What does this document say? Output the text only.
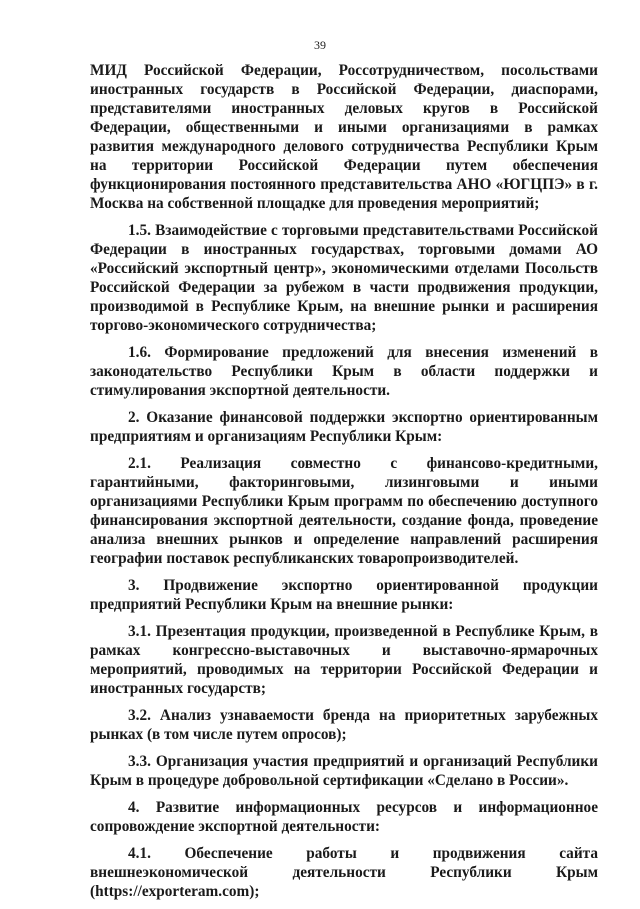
39

МИД Российской Федерации, Россотрудничеством, посольствами иностранных государств в Российской Федерации, диаспорами, представителями иностранных деловых кругов в Российской Федерации, общественными и иными организациями в рамках развития международного делового сотрудничества Республики Крым на территории Российской Федерации путем обеспечения функционирования постоянного представительства АНО «ЮГЦПЭ» в г. Москва на собственной площадке для проведения мероприятий;

1.5. Взаимодействие с торговыми представительствами Российской Федерации в иностранных государствах, торговыми домами АО «Российский экспортный центр», экономическими отделами Посольств Российской Федерации за рубежом в части продвижения продукции, производимой в Республике Крым, на внешние рынки и расширения торгово-экономического сотрудничества;

1.6. Формирование предложений для внесения изменений в законодательство Республики Крым в области поддержки и стимулирования экспортной деятельности.

2. Оказание финансовой поддержки экспортно ориентированным предприятиям и организациям Республики Крым:

2.1. Реализация совместно с финансово-кредитными, гарантийными, факторинговыми, лизинговыми и иными организациями Республики Крым программ по обеспечению доступного финансирования экспортной деятельности, создание фонда, проведение анализа внешних рынков и определение направлений расширения географии поставок республиканских товаропроизводителей.

3. Продвижение экспортно ориентированной продукции предприятий Республики Крым на внешние рынки:

3.1. Презентация продукции, произведенной в Республике Крым, в рамках конгрессно-выставочных и выставочно-ярмарочных мероприятий, проводимых на территории Российской Федерации и иностранных государств;

3.2. Анализ узнаваемости бренда на приоритетных зарубежных рынках (в том числе путем опросов);

3.3. Организация участия предприятий и организаций Республики Крым в процедуре добровольной сертификации «Сделано в России».

4. Развитие информационных ресурсов и информационное сопровождение экспортной деятельности:

4.1. Обеспечение работы и продвижения сайта внешнеэкономической деятельности Республики Крым (https://exporteram.com);
